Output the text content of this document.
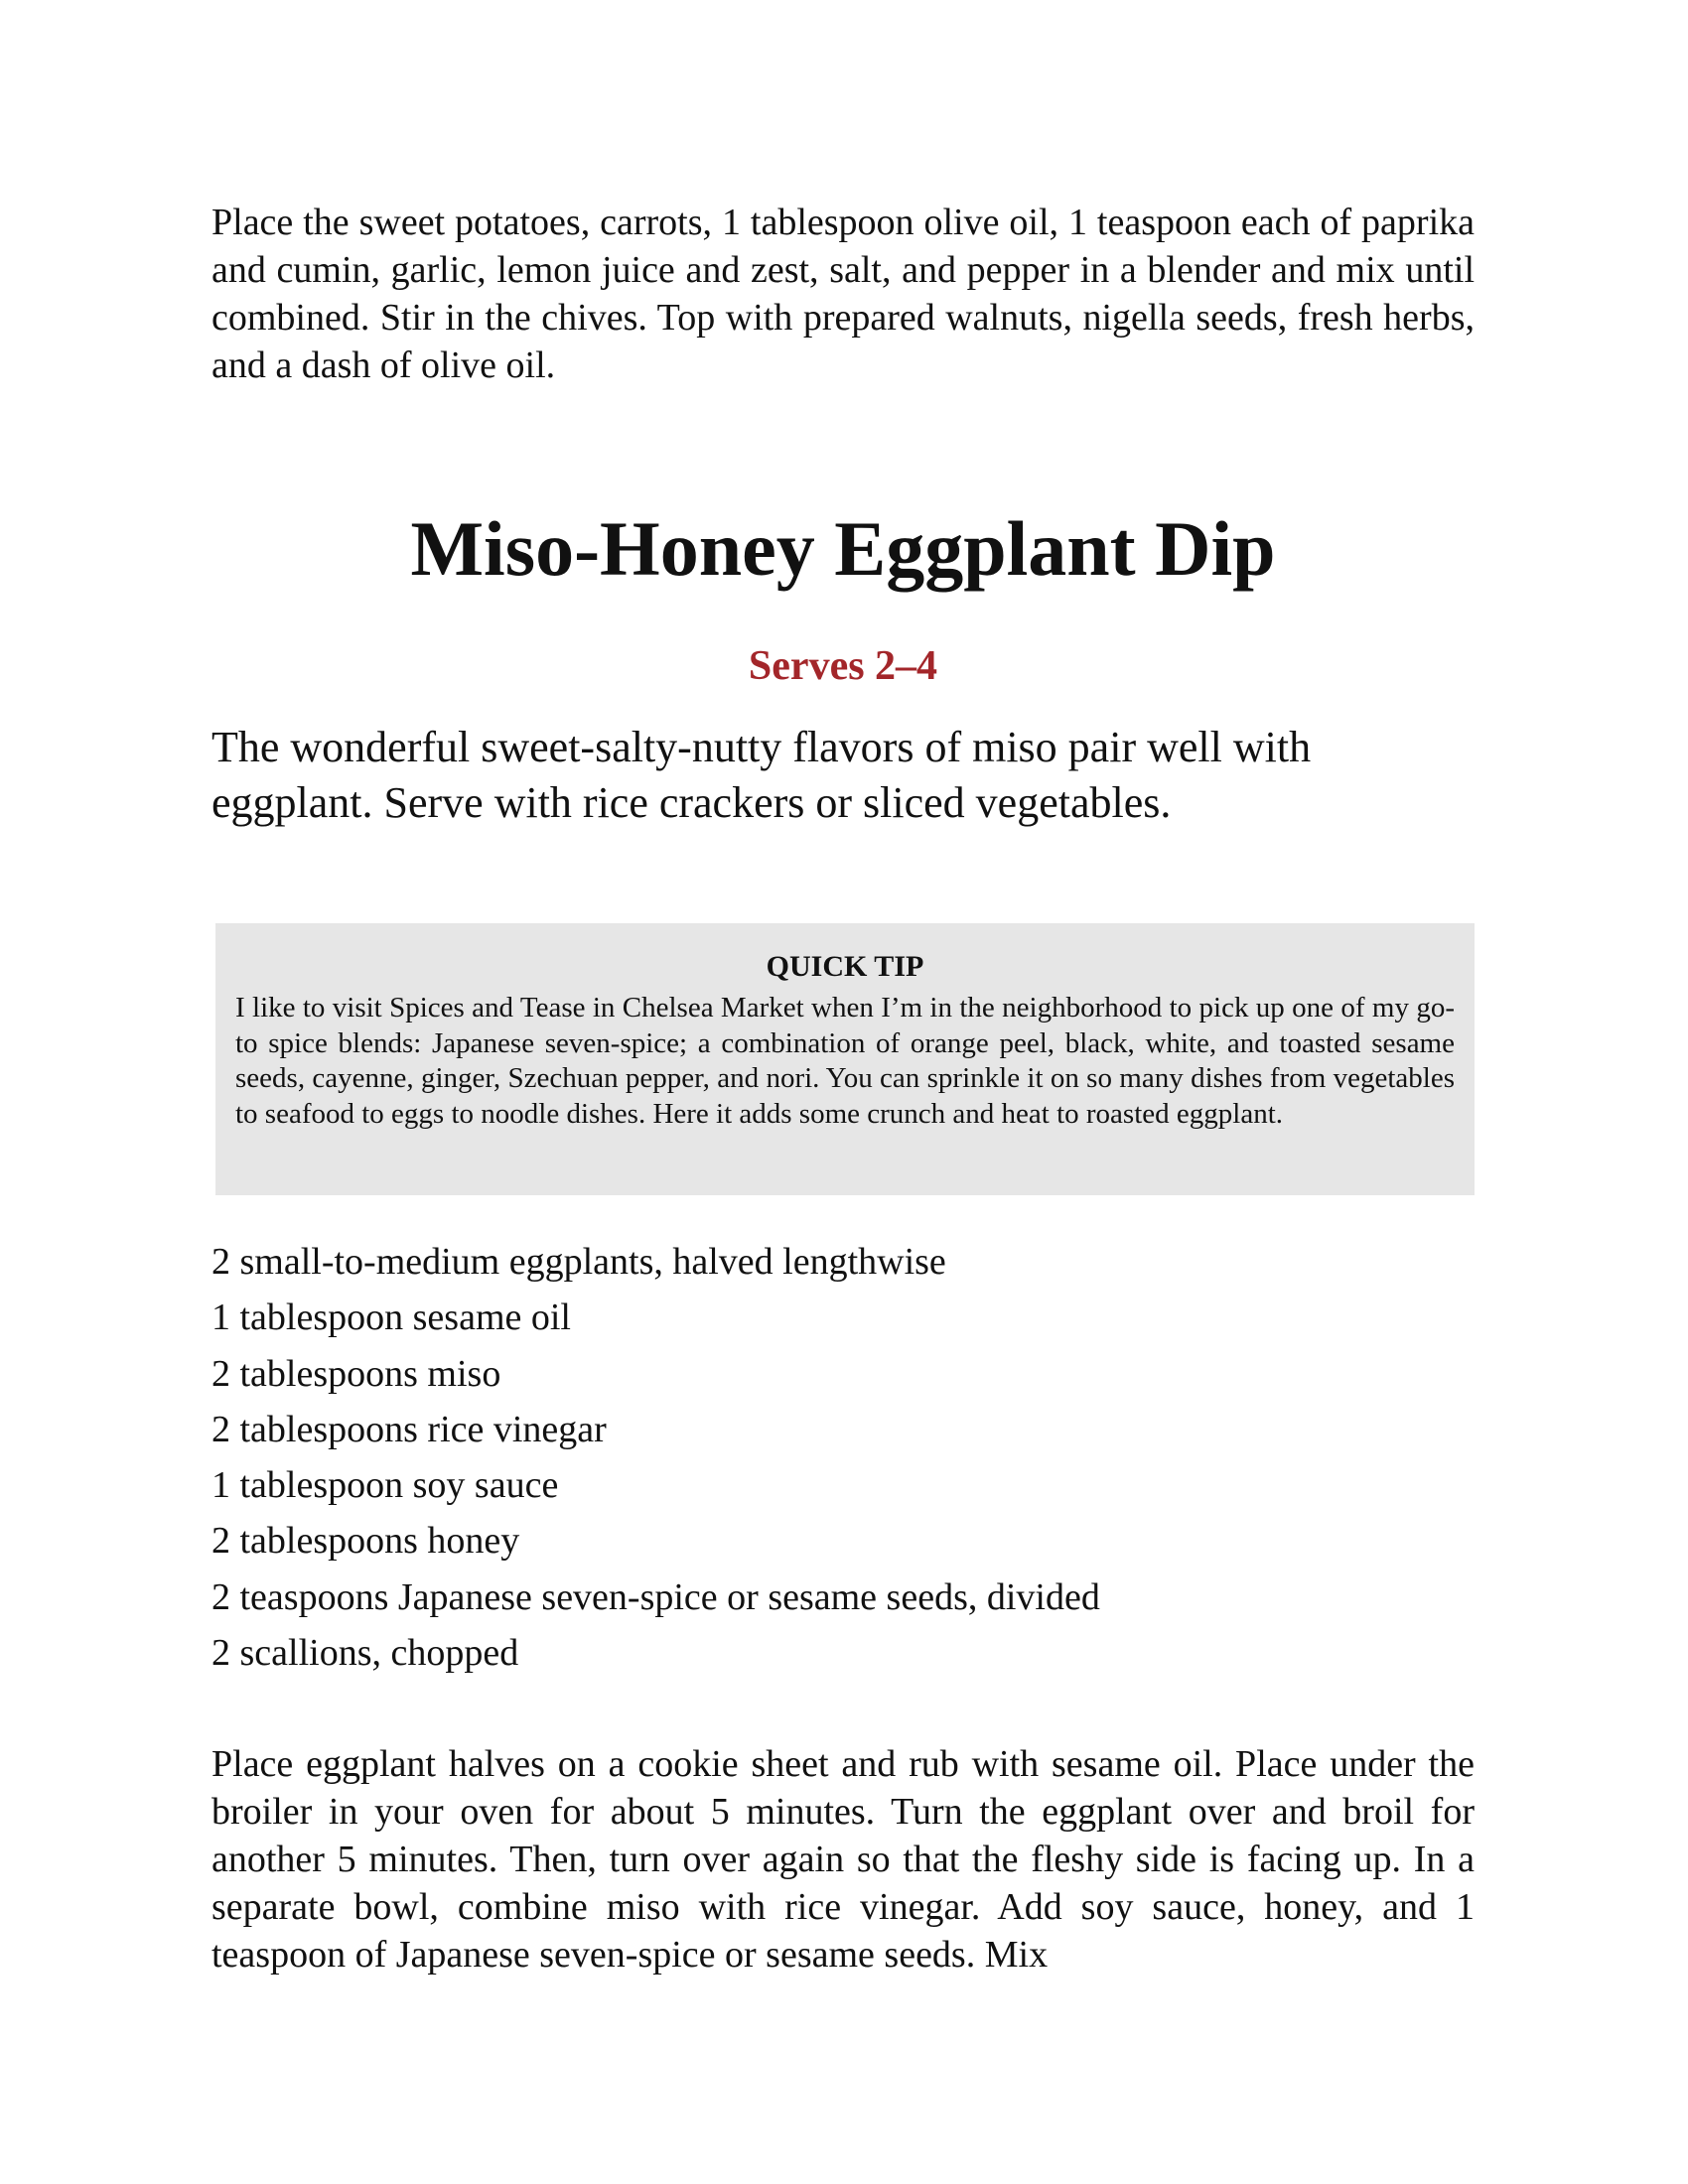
Place the sweet potatoes, carrots, 1 tablespoon olive oil, 1 teaspoon each of paprika and cumin, garlic, lemon juice and zest, salt, and pepper in a blender and mix until combined. Stir in the chives. Top with prepared walnuts, nigella seeds, fresh herbs, and a dash of olive oil.

Miso-Honey Eggplant Dip
Serves 2–4

The wonderful sweet-salty-nutty flavors of miso pair well with eggplant. Serve with rice crackers or sliced vegetables.

QUICK TIP

I like to visit Spices and Tease in Chelsea Market when I’m in the neighborhood to pick up one of my go-to spice blends: Japanese seven-spice; a combination of orange peel, black, white, and toasted sesame seeds, cayenne, ginger, Szechuan pepper, and nori. You can sprinkle it on so many dishes from vegetables to seafood to eggs to noodle dishes. Here it adds some crunch and heat to roasted eggplant.

2 small-to-medium eggplants, halved lengthwise
1 tablespoon sesame oil
2 tablespoons miso
2 tablespoons rice vinegar
1 tablespoon soy sauce
2 tablespoons honey
2 teaspoons Japanese seven-spice or sesame seeds, divided
2 scallions, chopped

Place eggplant halves on a cookie sheet and rub with sesame oil. Place under the broiler in your oven for about 5 minutes. Turn the eggplant over and broil for another 5 minutes. Then, turn over again so that the fleshy side is facing up. In a separate bowl, combine miso with rice vinegar. Add soy sauce, honey, and 1 teaspoon of Japanese seven-spice or sesame seeds. Mix
